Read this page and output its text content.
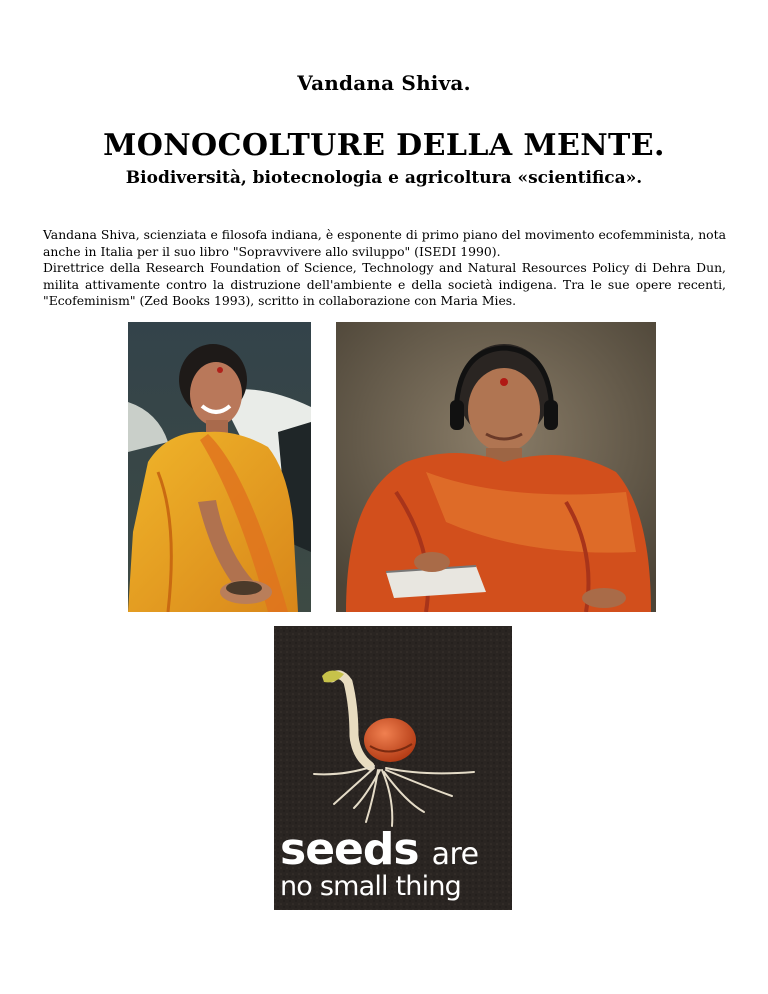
Vandana Shiva.
MONOCOLTURE DELLA MENTE.
Biodiversità, biotecnologia e agricoltura «scientifica».

Vandana Shiva, scienziata e filosofa indiana, è esponente di primo piano del movimento ecofemminista, nota anche in Italia per il suo libro "Sopravvivere allo sviluppo" (ISEDI 1990).

Direttrice della Research Foundation of Science, Technology and Natural Resources Policy di Dehra Dun, milita attivamente contro la distruzione dell'ambiente e della società indigena. Tra le sue opere recenti, "Ecofeminism" (Zed Books 1993), scritto in collaborazione con Maria Mies.

seeds are
no small thing
